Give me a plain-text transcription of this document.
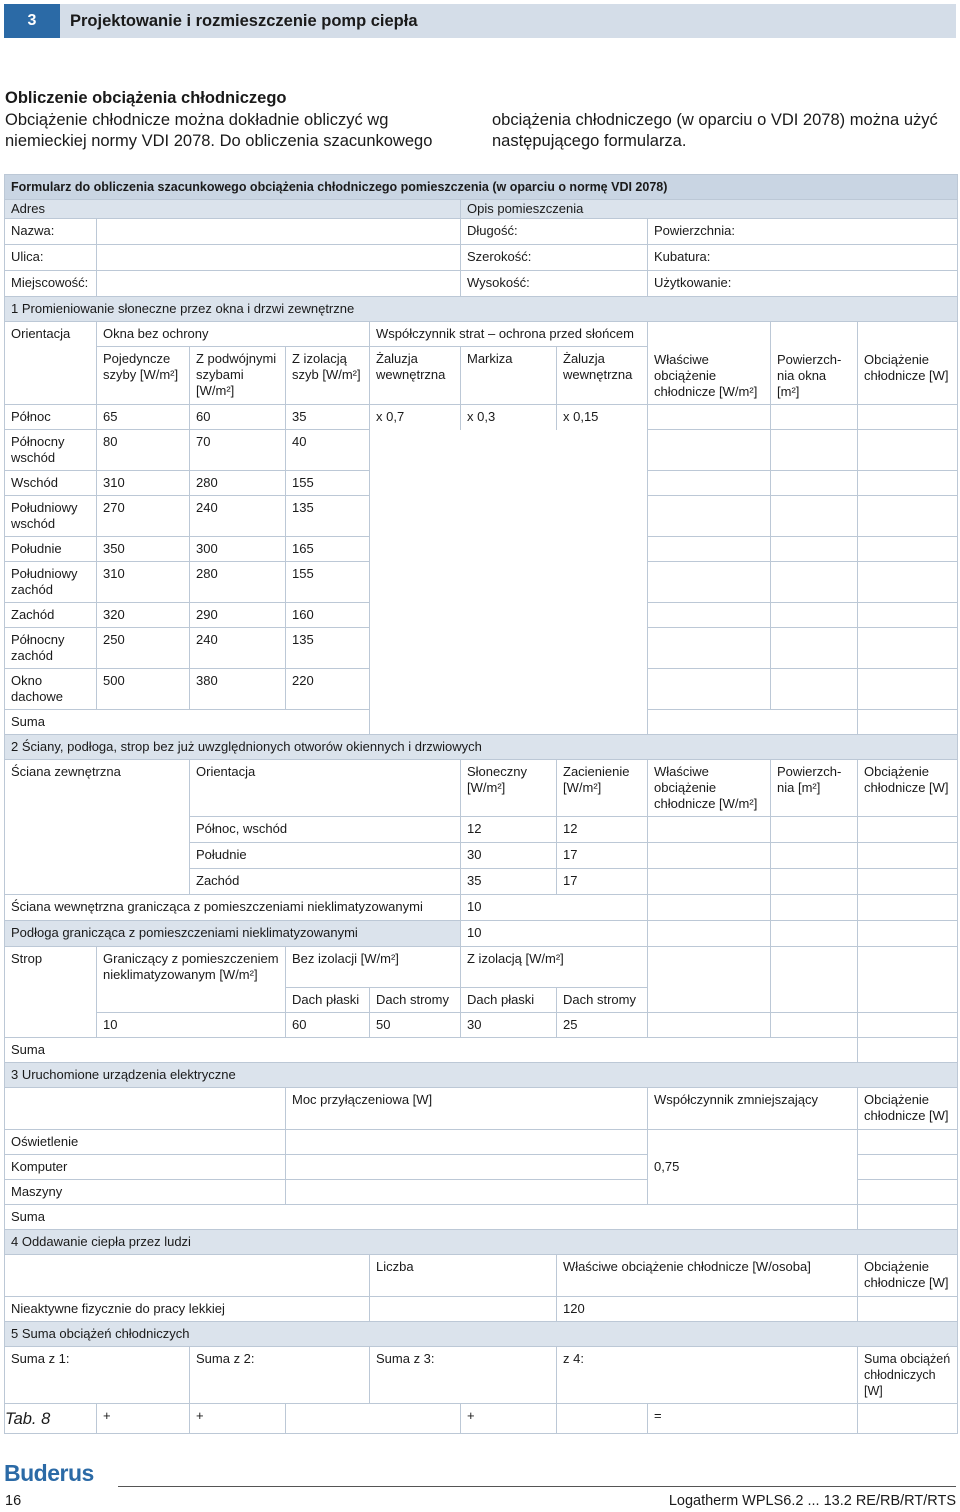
3	Projektowanie i rozmieszczenie pomp ciepła
Obliczenie obciążenia chłodniczego
Obciążenie chłodnicze można dokładnie obliczyć wg niemieckiej normy VDI 2078. Do obliczenia szacunkowego
obciążenia chłodniczego (w oparciu o VDI 2078) można użyć następującego formularza.
Formularz do obliczenia szacunkowego obciążenia chłodniczego pomieszczenia (w oparciu o normę VDI 2078)									
Adres					Opis pomieszczenia				
Nazwa:					Długość:		Powierzchnia:		
Ulica:					Szerokość:		Kubatura:		
Miejscowość:					Wysokość:		Użytkowanie:		
1 Promieniowanie słoneczne przez okna i drzwi zewnętrzne									
Orientacja	Okna bez ochrony			Współczynnik strat – ochrona przed słońcem			Właściwe obciążenie chłodnicze [W/m²]	Powierzch-nia okna [m²]	Obciążenie chłodnicze [W]
	Pojedyncze szyby [W/m²]	Z podwójnymi szybami [W/m²]	Z izolacją szyb [W/m²]	Żaluzja wewnętrzna	Markiza	Żaluzja wewnętrzna			
Północ	65	60	35	x 0,7	x 0,3	x 0,15			
Północny wschód	80	70	40						
Wschód	310	280	155						
Południowy wschód	270	240	135						
Południe	350	300	165						
Południowy zachód	310	280	155						
Zachód	320	290	160						
Północny zachód	250	240	135						
Okno dachowe	500	380	220						
Suma									
2 Ściany, podłoga, strop bez już uwzględnionych otworów okiennych i drzwiowych									
Ściana zewnętrzna		Orientacja			Słoneczny [W/m²]	Zacienienie [W/m²]	Właściwe obciążenie chłodnicze [W/m²]	Powierzch-nia [m²]	Obciążenie chłodnicze [W]
		Północ, wschód			12	12			
		Południe			30	17			
		Zachód			35	17			
Ściana wewnętrzna granicząca z pomieszczeniami nieklimatyzowanymi					10				
Podłoga granicząca z pomieszczeniami nieklimatyzowanymi					10				
Strop	Graniczący z pomieszczeniem nieklimatyzowanym [W/m²]		Bez izolacji [W/m²]		Z izolacją [W/m²]				
			Dach płaski	Dach stromy	Dach płaski	Dach stromy			
	10		60	50	30	25			
Suma									
3 Uruchomione urządzenia elektryczne									
			Moc przyłączeniowa [W]				Współczynnik zmniejszający		Obciążenie chłodnicze [W]
Oświetlenie							0,75		
Komputer									
Maszyny									
Suma									
4 Oddawanie ciepła przez ludzi									
				Liczba		Właściwe obciążenie chłodnicze [W/osoba]			Obciążenie chłodnicze [W]
Nieaktywne fizycznie do pracy lekkiej						120			
5 Suma obciążeń chłodniczych									
Suma z 1:		Suma z 2:		Suma z 3:		z 4:			Suma obciążeń chłodniczych [W]
	+	+			+		=		
Tab. 8
Buderus
16	Logatherm WPLS6.2 ... 13.2 RE/RB/RT/RTS
